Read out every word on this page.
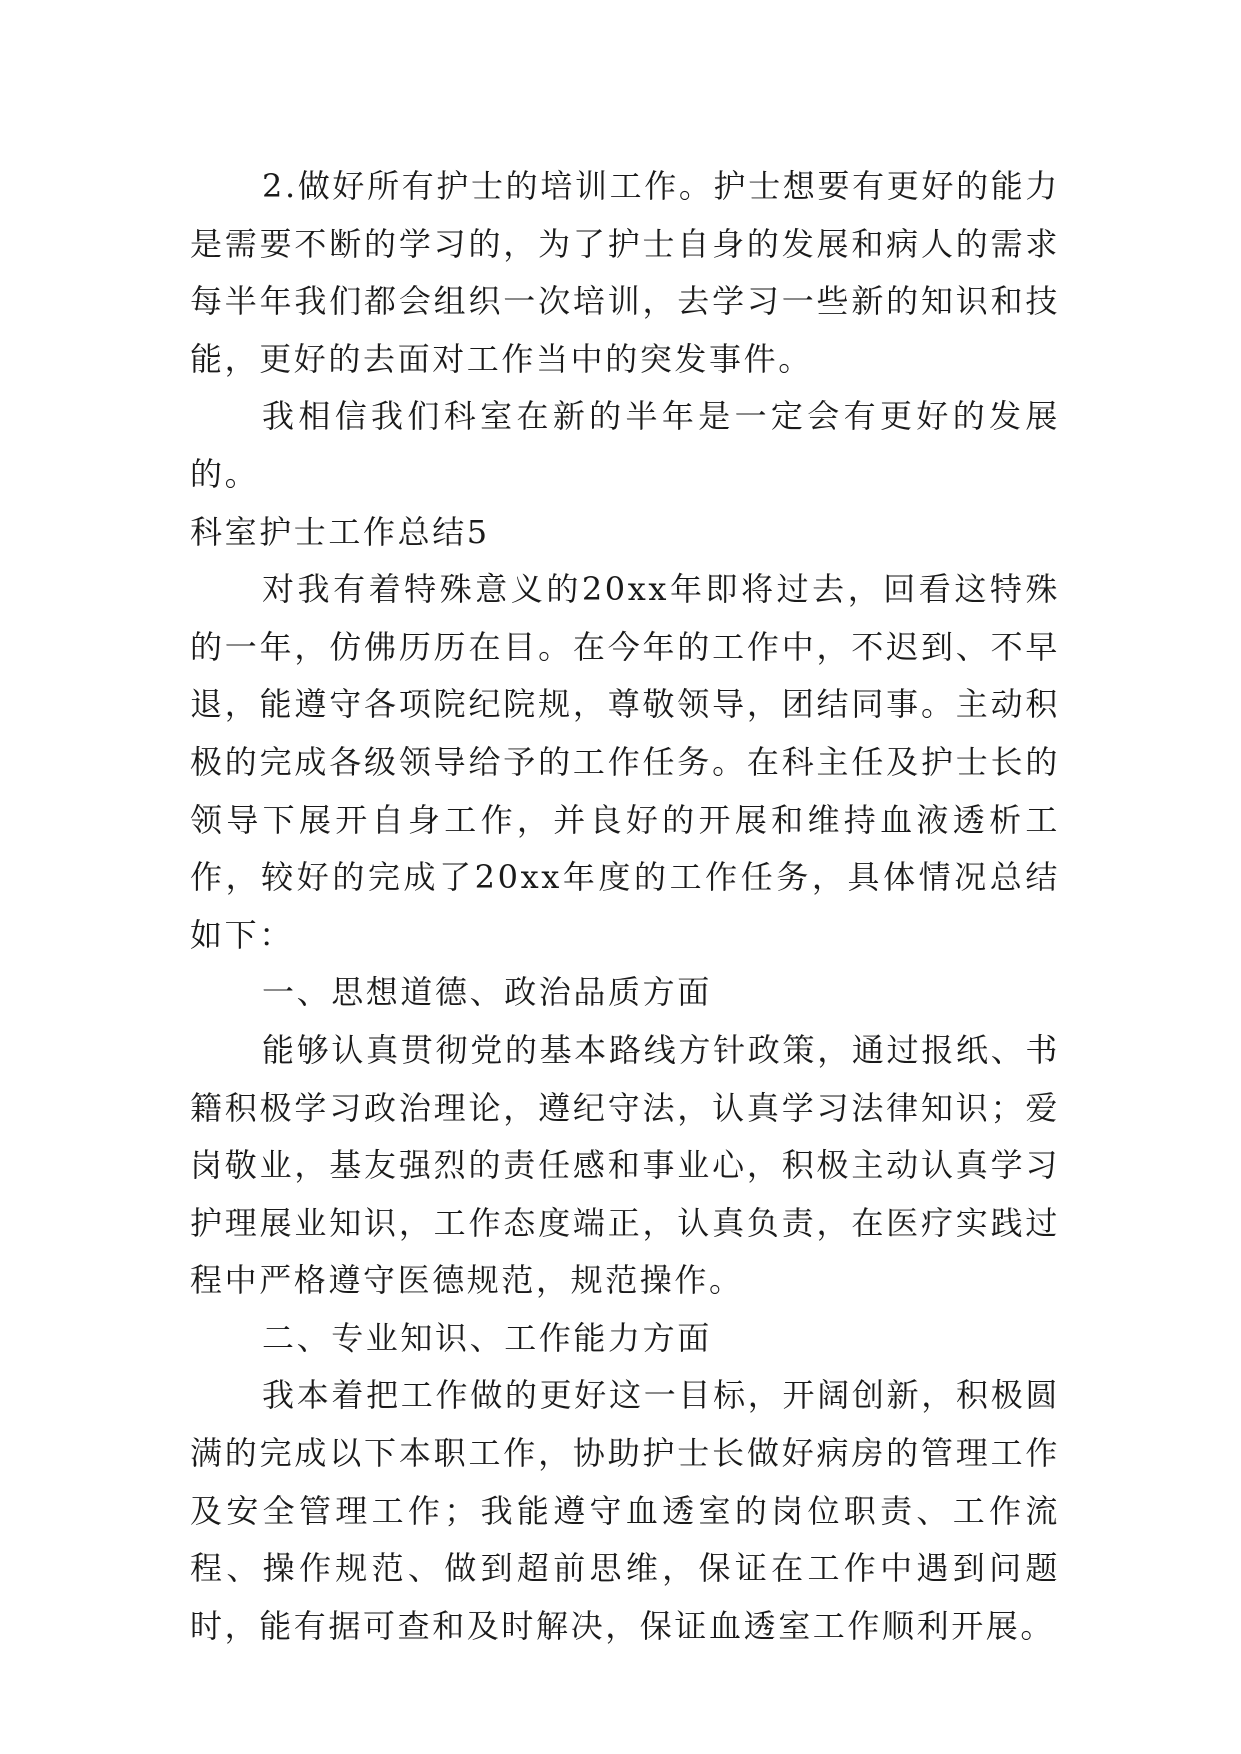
2.做好所有护士的培训工作。护士想要有更好的能力是需要不断的学习的，为了护士自身的发展和病人的需求每半年我们都会组织一次培训，去学习一些新的知识和技能，更好的去面对工作当中的突发事件。

我相信我们科室在新的半年是一定会有更好的发展的。

科室护士工作总结5

对我有着特殊意义的20xx年即将过去，回看这特殊的一年，仿佛历历在目。在今年的工作中，不迟到、不早退，能遵守各项院纪院规，尊敬领导，团结同事。主动积极的完成各级领导给予的工作任务。在科主任及护士长的领导下展开自身工作，并良好的开展和维持血液透析工作，较好的完成了20xx年度的工作任务，具体情况总结如下：

一、思想道德、政治品质方面

能够认真贯彻党的基本路线方针政策，通过报纸、书籍积极学习政治理论，遵纪守法，认真学习法律知识；爱岗敬业，基友强烈的责任感和事业心，积极主动认真学习护理展业知识，工作态度端正，认真负责，在医疗实践过程中严格遵守医德规范，规范操作。

二、专业知识、工作能力方面

我本着把工作做的更好这一目标，开阔创新，积极圆满的完成以下本职工作，协助护士长做好病房的管理工作及安全管理工作；我能遵守血透室的岗位职责、工作流程、操作规范、做到超前思维，保证在工作中遇到问题时，能有据可查和及时解决，保证血透室工作顺利开展。
